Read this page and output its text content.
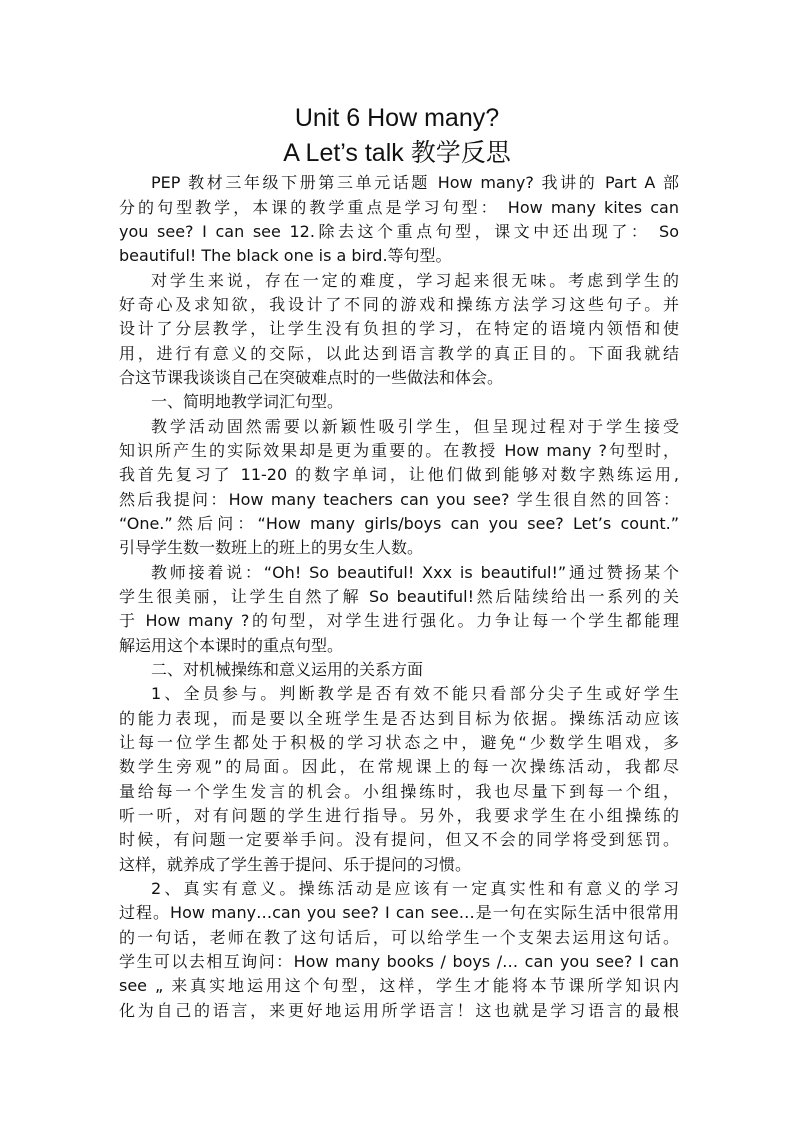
Unit 6 How many?
A Let’s talk 教学反思
PEP 教材三年级下册第三单元话题 How many? 我讲的 Part A 部
分的句型教学，本课的教学重点是学习句型： How many kites can
you see? I can see 12.除去这个重点句型，课文中还出现了： So
beautiful! The black one is a bird.等句型。
对学生来说，存在一定的难度，学习起来很无味。考虑到学生的
好奇心及求知欲，我设计了不同的游戏和操练方法学习这些句子。并
设计了分层教学，让学生没有负担的学习，在特定的语境内领悟和使
用，进行有意义的交际，以此达到语言教学的真正目的。下面我就结
合这节课我谈谈自己在突破难点时的一些做法和体会。
一、简明地教学词汇句型。
教学活动固然需要以新颖性吸引学生，但呈现过程对于学生接受
知识所产生的实际效果却是更为重要的。在教授 How many ?句型时，
我首先复习了 11-20 的数字单词，让他们做到能够对数字熟练运用,
然后我提问：How many teachers can you see? 学生很自然的回答：
“One.”然后问：“How many girls/boys can you see? Let’s count.”
引导学生数一数班上的班上的男女生人数。
教师接着说：“Oh! So beautiful! Xxx is beautiful!”通过赞扬某个
学生很美丽，让学生自然了解 So beautiful!然后陆续给出一系列的关
于 How many ?的句型，对学生进行强化。力争让每一个学生都能理
解运用这个本课时的重点句型。
二、对机械操练和意义运用的关系方面
1、全员参与。判断教学是否有效不能只看部分尖子生或好学生
的能力表现，而是要以全班学生是否达到目标为依据。操练活动应该
让每一位学生都处于积极的学习状态之中，避免“少数学生唱戏，多
数学生旁观”的局面。因此，在常规课上的每一次操练活动，我都尽
量给每一个学生发言的机会。小组操练时，我也尽量下到每一个组，
听一听，对有问题的学生进行指导。另外，我要求学生在小组操练的
时候，有问题一定要举手问。没有提问，但又不会的同学将受到惩罚。
这样，就养成了学生善于提问、乐于提问的习惯。
2、真实有意义。操练活动是应该有一定真实性和有意义的学习
过程。How many…can you see? I can see…是一句在实际生活中很常用
的一句话，老师在教了这句话后，可以给学生一个支架去运用这句话。
学生可以去相互询问：How many books / boys /… can you see? I can
see „ 来真实地运用这个句型，这样，学生才能将本节课所学知识内
化为自己的语言，来更好地运用所学语言！这也就是学习语言的最根
